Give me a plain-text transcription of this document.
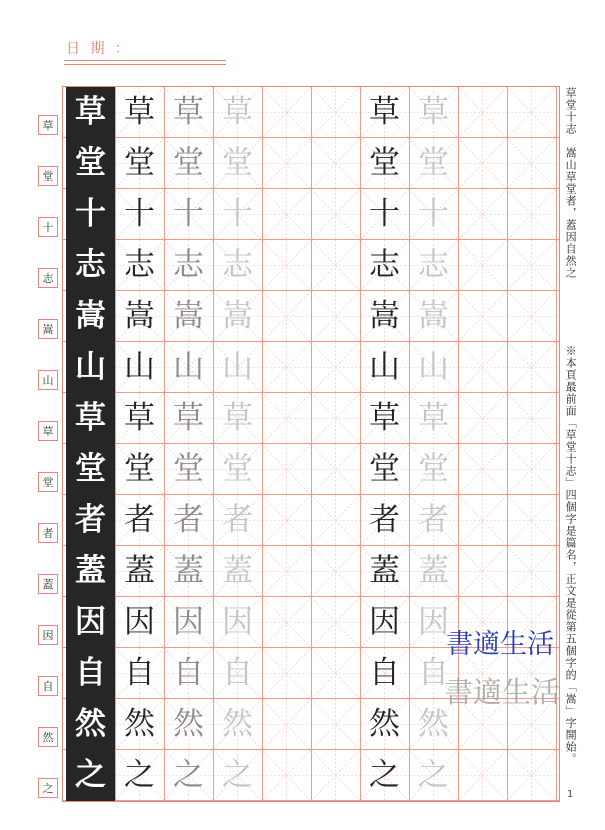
日 期 ：
草 草 草 草	草 草
堂 堂 堂 堂	堂 堂
十 十 十 十	十 十
志 志 志 志	志 志
嵩 嵩 嵩 嵩	嵩 嵩
山 山 山 山	山 山
草 草 草 草	草 草
堂 堂 堂 堂	堂 堂
者 者 者 者	者 者
蓋 蓋 蓋 蓋	蓋 蓋
因 因 因 因	因 因
自 自 自 自	自 自
然 然 然 然	然 然
之 之 之 之	之 之
草
堂
十
志
嵩
山
草
堂
者
蓋
因
自
然
之
草堂十志　嵩山草堂者，蓋因自然之
※本頁最前面「草堂十志」四個字是篇名，正文是從第五個字的「嵩」字開始。
1
書適生活
書適生活
